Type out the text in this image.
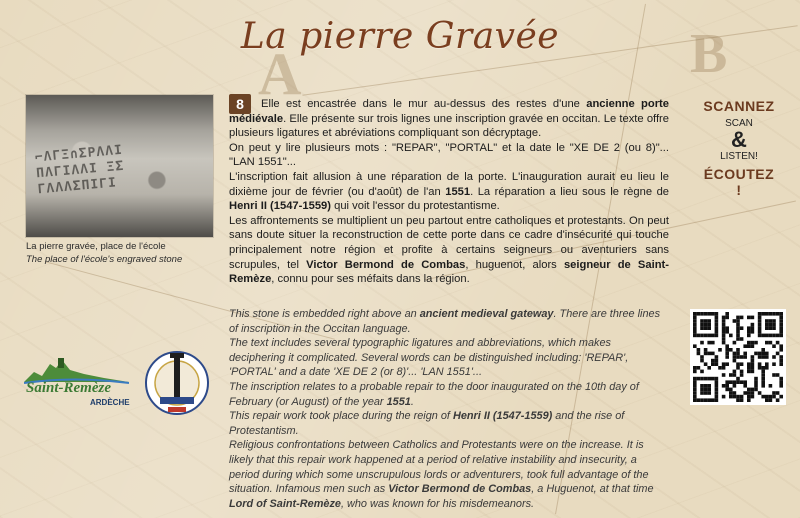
A	B
La pierre Gravée
⌐ΛΓΞ∩ΣΡΛΛΙ
ΠΛΓΙΛΛΙ ΞΣ
ΓΛΛΛΣΠΙΓΙ
La pierre gravée, place de l'école
The place of l'école's engraved stone
8	Elle est encastrée dans le mur au-dessus des restes d'une ancienne porte médiévale. Elle présente sur trois lignes une inscription gravée en occitan. Le texte offre plusieurs ligatures et abréviations compliquant son décryptage.

On peut y lire plusieurs mots : "REPAR", "PORTAL" et la date le "XE DE 2 (ou 8)"... "LAN 1551"...

L'inscription fait allusion à une réparation de la porte. L'inauguration aurait eu lieu le dixième jour de février (ou d'août) de l'an 1551. La réparation a lieu sous le règne de Henri II (1547-1559) qui voit l'essor du protestantisme.

Les affrontements se multiplient un peu partout entre catholiques et protestants. On peut sans doute situer la reconstruction de cette porte dans ce cadre d'insécurité qui touche principalement notre région et profite à certains seigneurs ou aventuriers sans scrupules, tel Victor Bermond de Combas, huguenot, alors seigneur de Saint-Remèze, connu pour ses méfaits dans la région.

This stone is embedded right above an ancient medieval gateway. There are three lines of inscription in the Occitan language.

The text includes several typographic ligatures and abbreviations, which makes deciphering it complicated. Several words can be distinguished including: 'REPAR', 'PORTAL' and a date 'XE DE 2 (or 8)'... 'LAN 1551'...

The inscription relates to a probable repair to the door inaugurated on the 10th day of February (or August) of the year 1551.

This repair work took place during the reign of Henri II (1547-1559) and the rise of Protestantism.

Religious confrontations between Catholics and Protestants were on the increase. It is likely that this repair work happened at a period of relative instability and insecurity, a period during which some unscrupulous lords or adventurers, took full advantage of the situation. Infamous men such as Victor Bermond de Combas, a Huguenot, at that time Lord of Saint-Remèze, who was known for his misdemeanors.

SCANNEZ
SCAN
&
LISTEN!
ÉCOUTEZ !
Saint-Remèze
ARDÈCHE
